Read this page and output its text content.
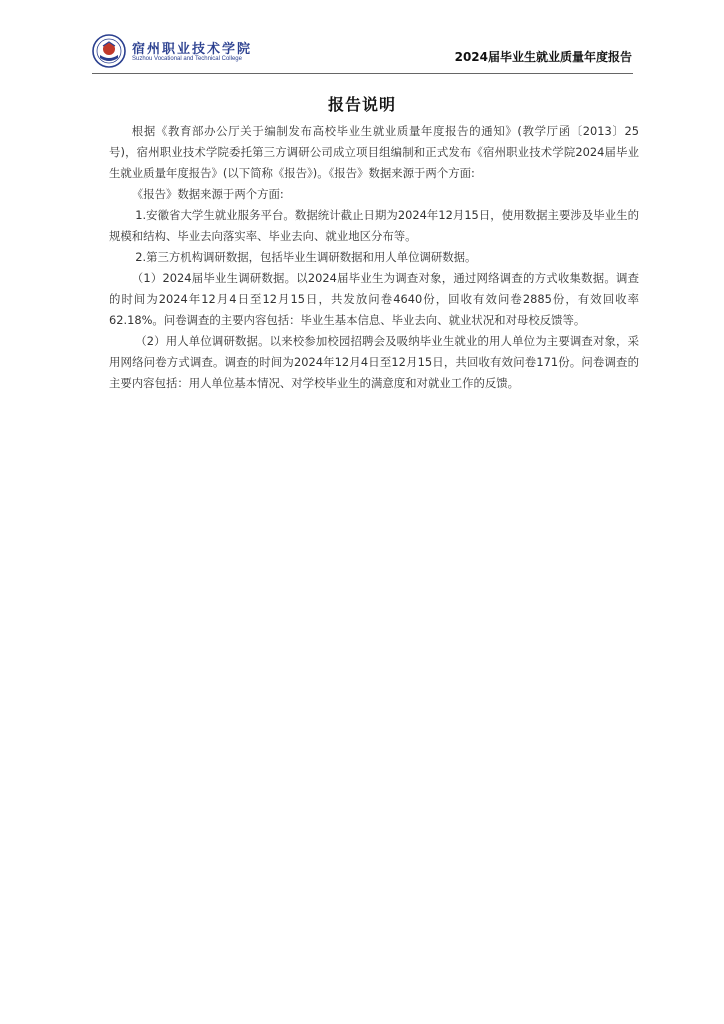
宿州职业技术学院
Suzhou Vocational and Technical College	2024届毕业生就业质量年度报告
报告说明

根据《教育部办公厅关于编制发布高校毕业生就业质量年度报告的通知》(教学厅函〔2013〕25号)，宿州职业技术学院委托第三方调研公司成立项目组编制和正式发布《宿州职业技术学院2024届毕业生就业质量年度报告》(以下简称《报告》)。《报告》数据来源于两个方面:

《报告》数据来源于两个方面:

1.安徽省大学生就业服务平台。数据统计截止日期为2024年12月15日，使用数据主要涉及毕业生的规模和结构、毕业去向落实率、毕业去向、就业地区分布等。

2.第三方机构调研数据，包括毕业生调研数据和用人单位调研数据。

（1）2024届毕业生调研数据。以2024届毕业生为调查对象，通过网络调查的方式收集数据。调查的时间为2024年12月4日至12月15日，共发放问卷4640份，回收有效问卷2885份，有效回收率62.18%。问卷调查的主要内容包括：毕业生基本信息、毕业去向、就业状况和对母校反馈等。

（2）用人单位调研数据。以来校参加校园招聘会及吸纳毕业生就业的用人单位为主要调查对象，采用网络问卷方式调查。调查的时间为2024年12月4日至12月15日，共回收有效问卷171份。问卷调查的主要内容包括：用人单位基本情况、对学校毕业生的满意度和对就业工作的反馈。
